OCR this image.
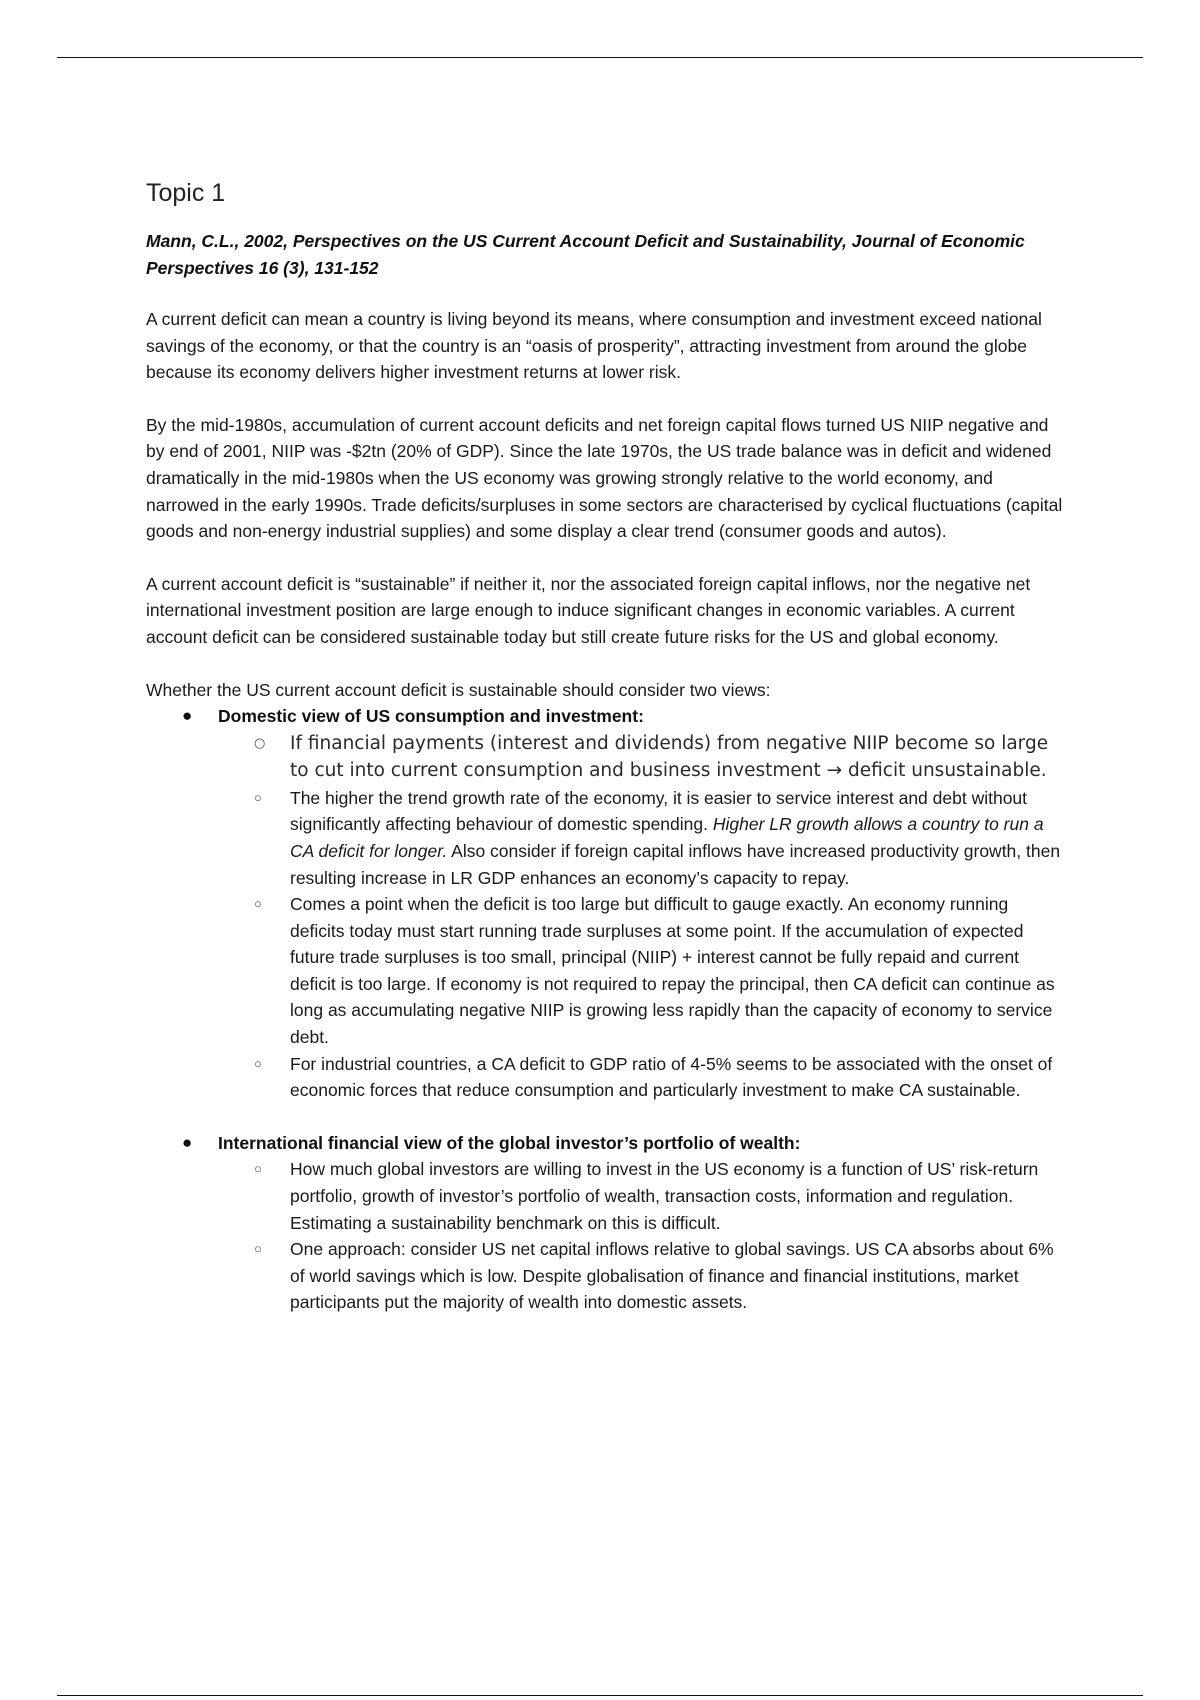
Topic 1

Mann, C.L., 2002, Perspectives on the US Current Account Deficit and Sustainability, Journal of Economic Perspectives 16 (3), 131-152

A current deficit can mean a country is living beyond its means, where consumption and investment exceed national savings of the economy, or that the country is an “oasis of prosperity”, attracting investment from around the globe because its economy delivers higher investment returns at lower risk.

By the mid-1980s, accumulation of current account deficits and net foreign capital flows turned US NIIP negative and by end of 2001, NIIP was -$2tn (20% of GDP). Since the late 1970s, the US trade balance was in deficit and widened dramatically in the mid-1980s when the US economy was growing strongly relative to the world economy, and narrowed in the early 1990s. Trade deficits/surpluses in some sectors are characterised by cyclical fluctuations (capital goods and non-energy industrial supplies) and some display a clear trend (consumer goods and autos).

A current account deficit is “sustainable” if neither it, nor the associated foreign capital inflows, nor the negative net international investment position are large enough to induce significant changes in economic variables. A current account deficit can be considered sustainable today but still create future risks for the US and global economy.

Whether the US current account deficit is sustainable should consider two views:

● Domestic view of US consumption and investment:
○ If financial payments (interest and dividends) from negative NIIP become so large to cut into current consumption and business investment → deficit unsustainable.
○ The higher the trend growth rate of the economy, it is easier to service interest and debt without significantly affecting behaviour of domestic spending. Higher LR growth allows a country to run a CA deficit for longer. Also consider if foreign capital inflows have increased productivity growth, then resulting increase in LR GDP enhances an economy’s capacity to repay.
○ Comes a point when the deficit is too large but difficult to gauge exactly. An economy running deficits today must start running trade surpluses at some point. If the accumulation of expected future trade surpluses is too small, principal (NIIP) + interest cannot be fully repaid and current deficit is too large. If economy is not required to repay the principal, then CA deficit can continue as long as accumulating negative NIIP is growing less rapidly than the capacity of economy to service debt.
○ For industrial countries, a CA deficit to GDP ratio of 4-5% seems to be associated with the onset of economic forces that reduce consumption and particularly investment to make CA sustainable.
● International financial view of the global investor’s portfolio of wealth:
○ How much global investors are willing to invest in the US economy is a function of US’ risk-return portfolio, growth of investor’s portfolio of wealth, transaction costs, information and regulation. Estimating a sustainability benchmark on this is difficult.
○ One approach: consider US net capital inflows relative to global savings. US CA absorbs about 6% of world savings which is low. Despite globalisation of finance and financial institutions, market participants put the majority of wealth into domestic assets.
